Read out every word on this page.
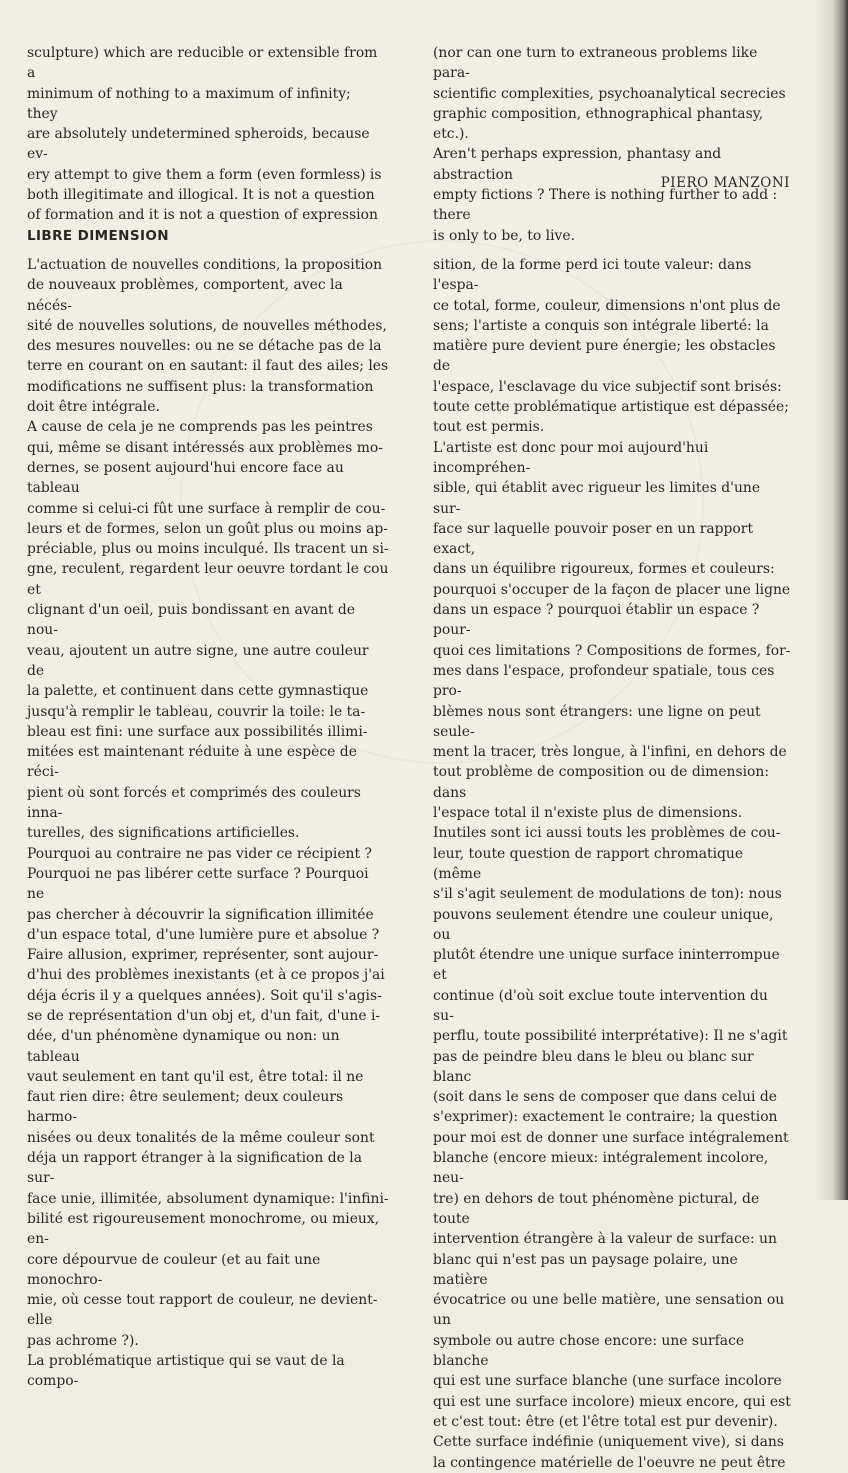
sculpture) which are reducible or extensible from a

minimum of nothing to a maximum of infinity; they

are absolutely undetermined spheroids, because ev-

ery attempt to give them a form (even formless) is

both illegitimate and illogical. It is not a question

of formation and it is not a question of expression

(nor can one turn to extraneous problems like para-

scientific complexities, psychoanalytical secrecies

graphic composition, ethnographical phantasy, etc.).

Aren't perhaps expression, phantasy and abstraction

empty fictions ? There is nothing further to add : there

is only to be, to live.

PIERO MANZONI
LIBRE DIMENSION

L'actuation de nouvelles conditions, la proposition

de nouveaux problèmes, comportent, avec la nécés-

sité de nouvelles solutions, de nouvelles méthodes,

des mesures nouvelles: ou ne se détache pas de la

terre en courant on en sautant: il faut des ailes; les

modifications ne suffisent plus: la transformation

doit être intégrale.

A cause de cela je ne comprends pas les peintres

qui, même se disant intéressés aux problèmes mo-

dernes, se posent aujourd'hui encore face au tableau

comme si celui-ci fût une surface à remplir de cou-

leurs et de formes, selon un goût plus ou moins ap-

préciable, plus ou moins inculqué. Ils tracent un si-

gne, reculent, regardent leur oeuvre tordant le cou et

clignant d'un oeil, puis bondissant en avant de nou-

veau, ajoutent un autre signe, une autre couleur de

la palette, et continuent dans cette gymnastique

jusqu'à remplir le tableau, couvrir la toile: le ta-

bleau est fini: une surface aux possibilités illimi-

mitées est maintenant réduite à une espèce de réci-

pient où sont forcés et comprimés des couleurs inna-

turelles, des significations artificielles.

Pourquoi au contraire ne pas vider ce récipient ?

Pourquoi ne pas libérer cette surface ? Pourquoi ne

pas chercher à découvrir la signification illimitée

d'un espace total, d'une lumière pure et absolue ?

Faire allusion, exprimer, représenter, sont aujour-

d'hui des problèmes inexistants (et à ce propos j'ai

déja écris il y a quelques années). Soit qu'il s'agis-

se de représentation d'un obj et, d'un fait, d'une i-

dée, d'un phénomène dynamique ou non: un tableau

vaut seulement en tant qu'il est, être total: il ne

faut rien dire: être seulement; deux couleurs harmo-

nisées ou deux tonalités de la même couleur sont

déja un rapport étranger à la signification de la sur-

face unie, illimitée, absolument dynamique: l'infini-

bilité est rigoureusement monochrome, ou mieux, en-

core dépourvue de couleur (et au fait une monochro-

mie, où cesse tout rapport de couleur, ne devient-elle

pas achrome ?).

La problématique artistique qui se vaut de la compo-

sition, de la forme perd ici toute valeur: dans l'espa-

ce total, forme, couleur, dimensions n'ont plus de

sens; l'artiste a conquis son intégrale liberté: la

matière pure devient pure énergie; les obstacles de

l'espace, l'esclavage du vice subjectif sont brisés:

toute cette problématique artistique est dépassée;

tout est permis.

L'artiste est donc pour moi aujourd'hui incompréhen-

sible, qui établit avec rigueur les limites d'une sur-

face sur laquelle pouvoir poser en un rapport exact,

dans un équilibre rigoureux, formes et couleurs:

pourquoi s'occuper de la façon de placer une ligne

dans un espace ? pourquoi établir un espace ? pour-

quoi ces limitations ? Compositions de formes, for-

mes dans l'espace, profondeur spatiale, tous ces pro-

blèmes nous sont étrangers: une ligne on peut seule-

ment la tracer, très longue, à l'infini, en dehors de

tout problème de composition ou de dimension: dans

l'espace total il n'existe plus de dimensions.

Inutiles sont ici aussi touts les problèmes de cou-

leur, toute question de rapport chromatique (même

s'il s'agit seulement de modulations de ton): nous

pouvons seulement étendre une couleur unique, ou

plutôt étendre une unique surface ininterrompue et

continue (d'où soit exclue toute intervention du su-

perflu, toute possibilité interprétative): Il ne s'agit

pas de peindre bleu dans le bleu ou blanc sur blanc

(soit dans le sens de composer que dans celui de

s'exprimer): exactement le contraire; la question

pour moi est de donner une surface intégralement

blanche (encore mieux: intégralement incolore, neu-

tre) en dehors de tout phénomène pictural, de toute

intervention étrangère à la valeur de surface: un

blanc qui n'est pas un paysage polaire, une matière

évocatrice ou une belle matière, une sensation ou un

symbole ou autre chose encore: une surface blanche

qui est une surface blanche (une surface incolore

qui est une surface incolore) mieux encore, qui est

et c'est tout: être (et l'être total est pur devenir).

Cette surface indéfinie (uniquement vive), si dans

la contingence matérielle de l'oeuvre ne peut être
